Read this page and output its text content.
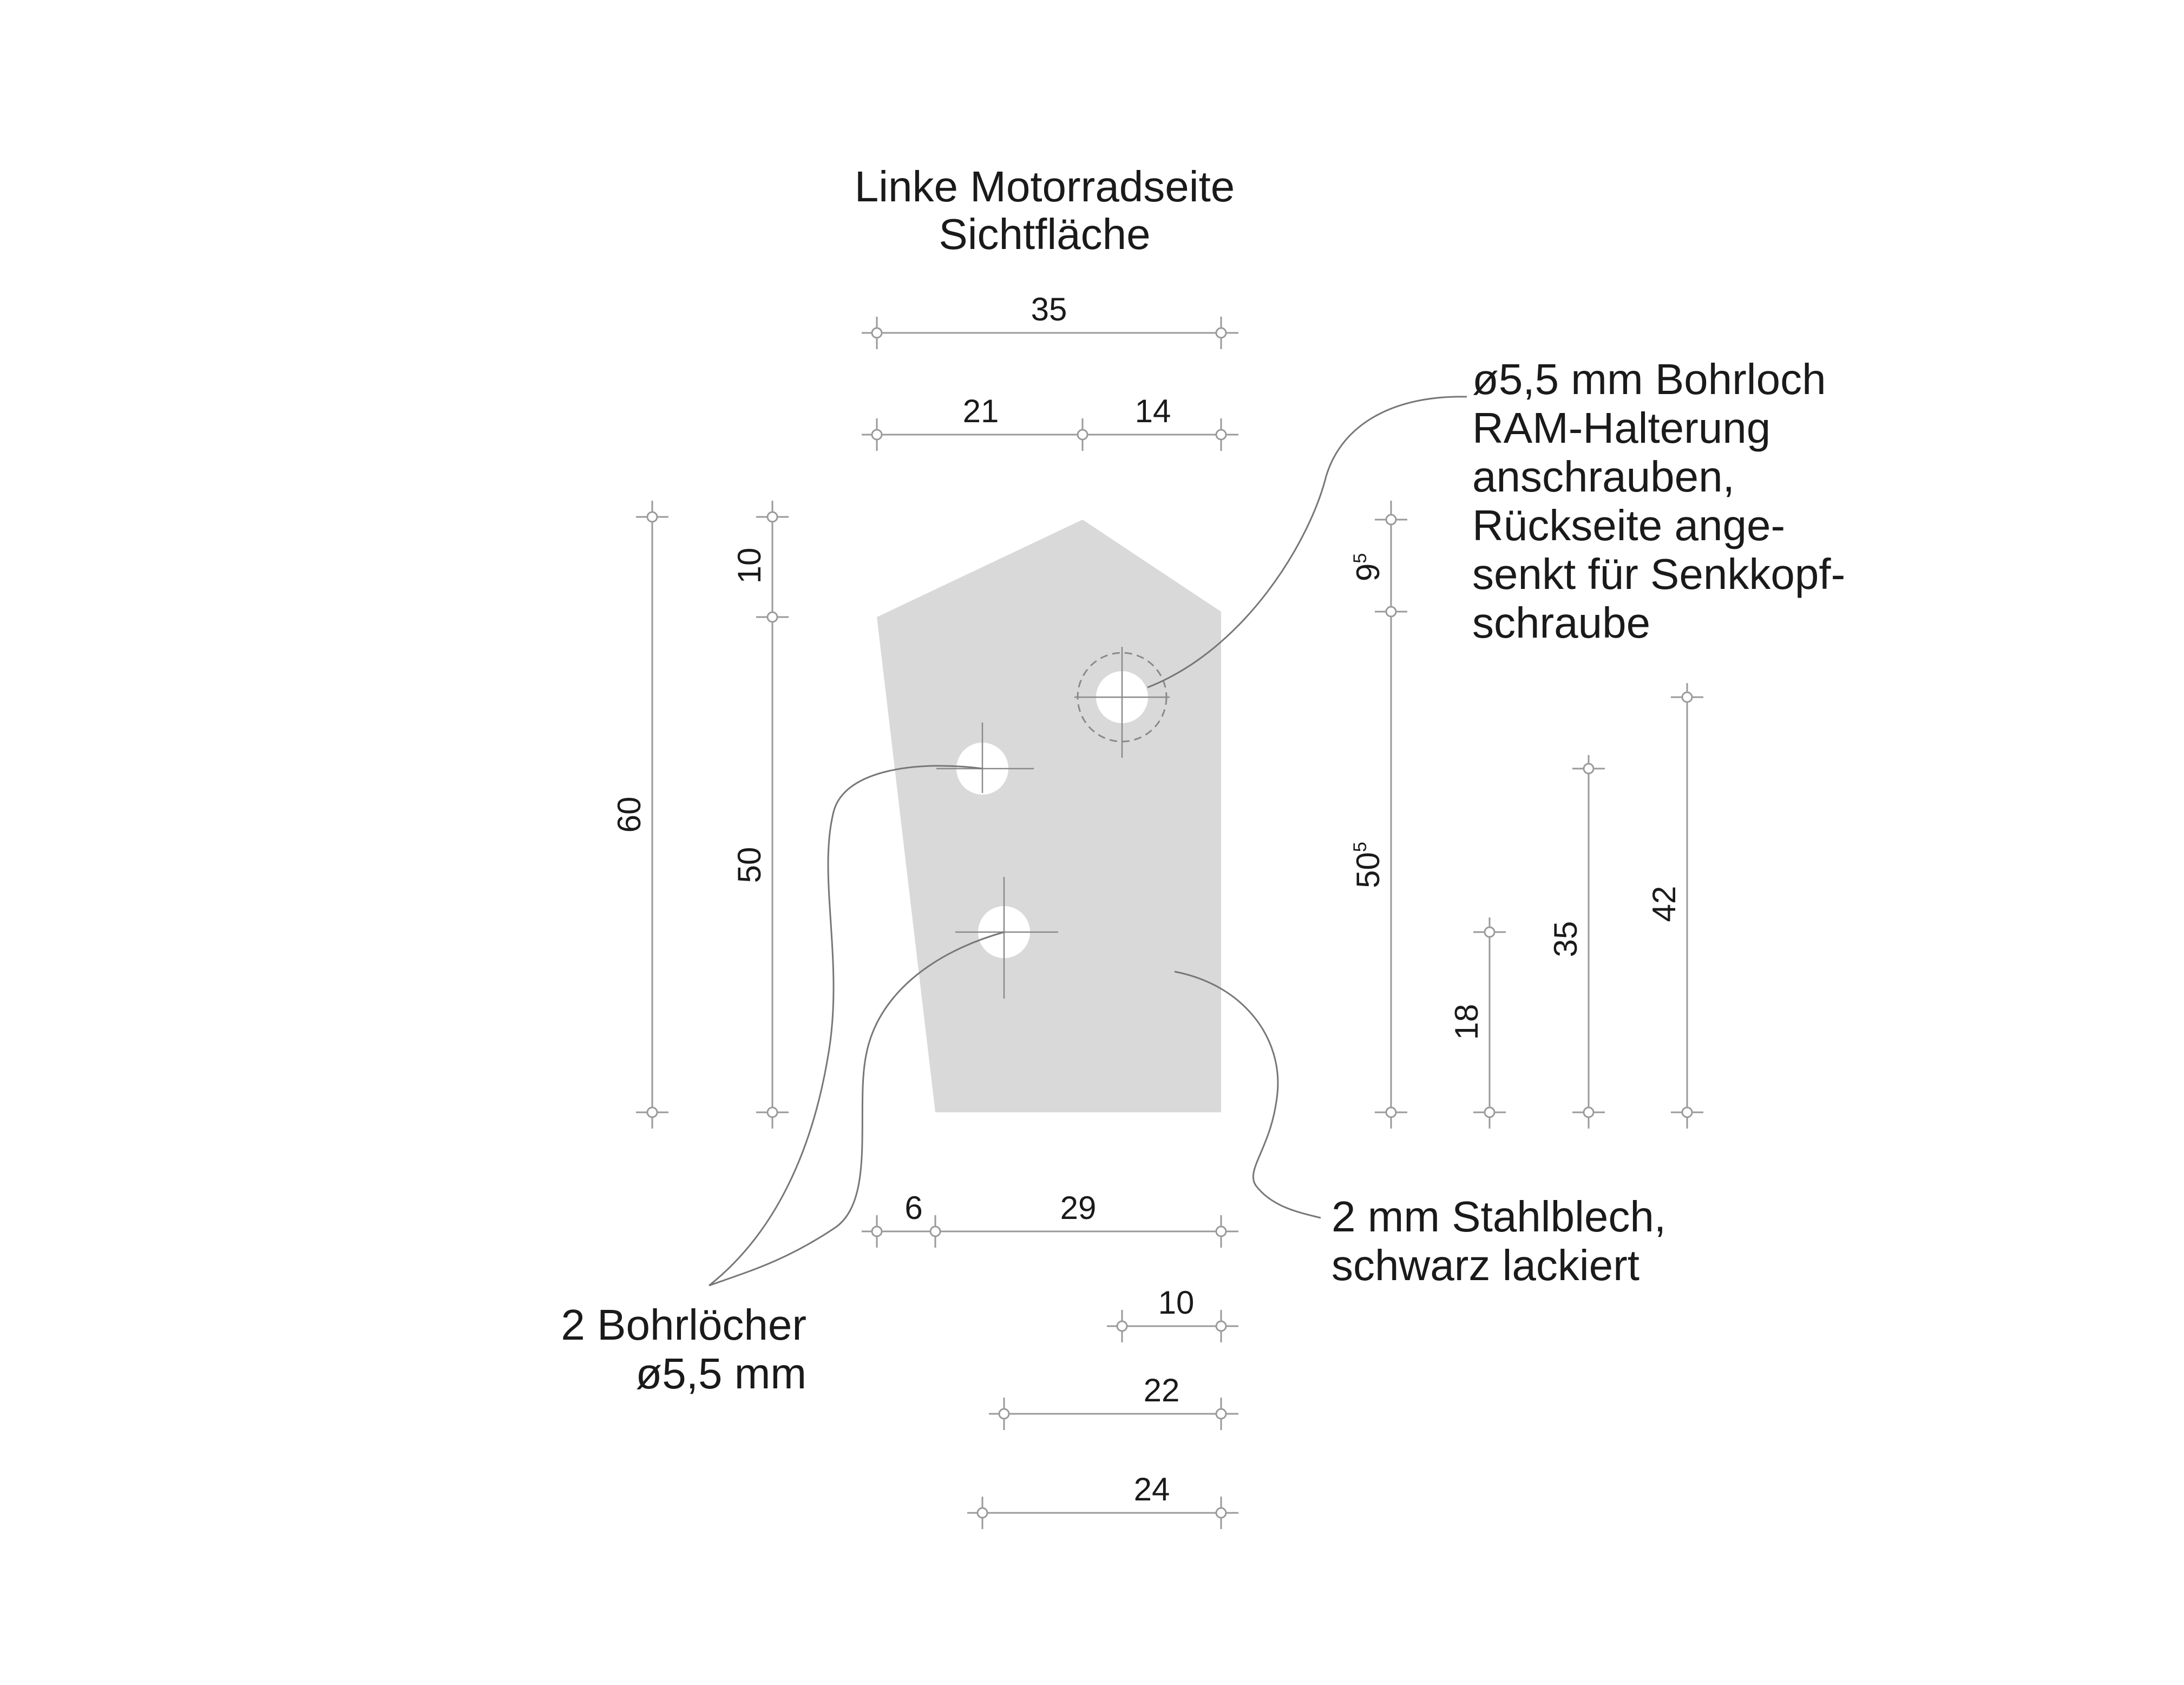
Linke Motorradseite
Sichtfläche
35
21	14
60
10
50
$9^5$
$50^5$
18
35
42
6	29
10
22
24
ø5,5 mm Bohrloch
RAM-Halterung
anschrauben,
Rückseite ange-
senkt für Senkkopf-
schraube
2 Bohrlöcher
ø5,5 mm
2 mm Stahlblech,
schwarz lackiert
